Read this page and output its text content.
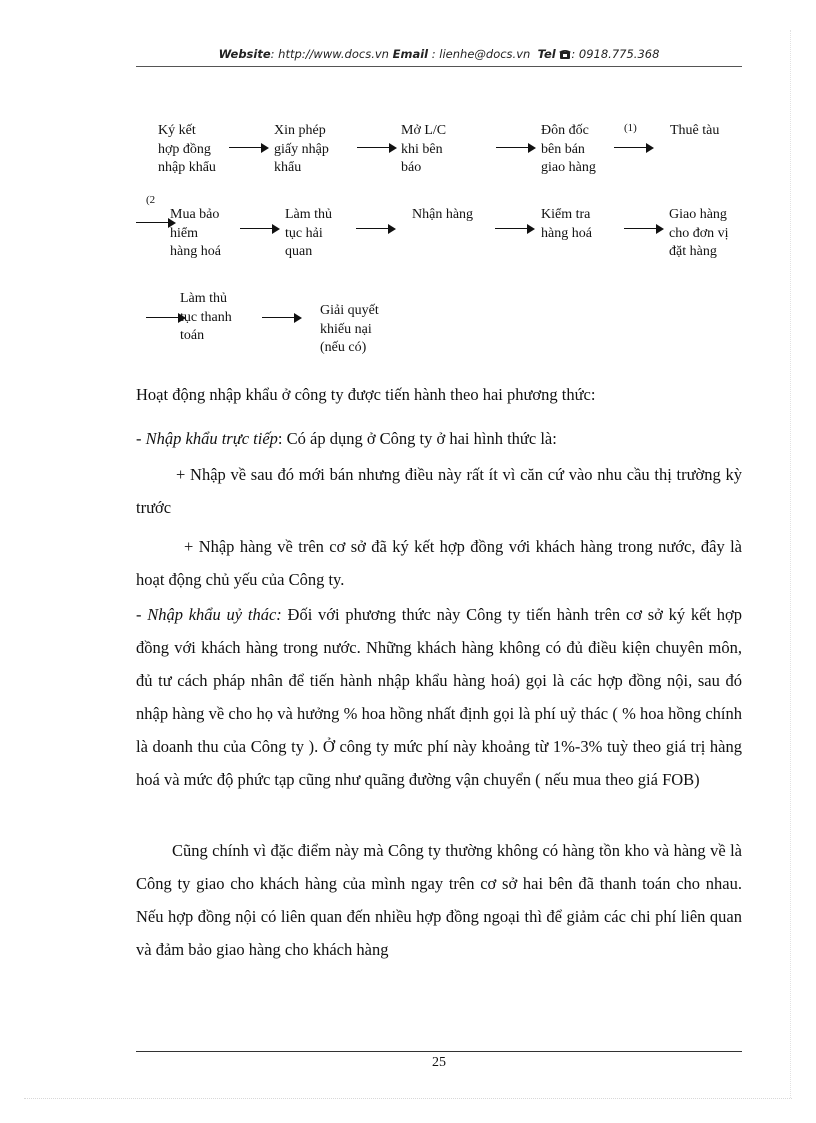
Website: http://www.docs.vn Email : lienhe@docs.vn Tel : 0918.775.368
Ký kết
hợp đồng
nhập khẩu
Xin phép
giấy nhập
khẩu
Mở L/C
khi bên
báo
Đôn đốc
bên bán
giao hàng
(1) Thuê tàu
(2
Mua bảo
hiểm
hàng hoá
Làm thủ
tục hải
quan
Nhận hàng	Kiểm tra
hàng hoá
Giao hàng
cho đơn vị
đặt hàng
Làm thủ
tục thanh
toán
Giải quyết
khiếu nại
(nếu có)

Hoạt động nhập khẩu ở công ty được tiến hành theo hai phương thức:

- Nhập khẩu trực tiếp: Có áp dụng ở Công ty ở hai hình thức là:

+ Nhập về sau đó mới bán nhưng điều này rất ít vì căn cứ vào nhu cầu thị trường kỳ trước

+ Nhập hàng về trên cơ sở đã ký kết hợp đồng với khách hàng trong nước, đây là hoạt động chủ yếu của Công ty.

- Nhập khẩu uỷ thác: Đối với phương thức này Công ty tiến hành trên cơ sở ký kết hợp đồng với khách hàng trong nước. Những khách hàng không có đủ điều kiện chuyên môn, đủ tư cách pháp nhân để tiến hành nhập khẩu hàng hoá) gọi là các hợp đồng nội, sau đó nhập hàng về cho họ và hưởng % hoa hồng nhất định gọi là phí uỷ thác ( % hoa hồng chính là doanh thu của Công ty ). Ở công ty mức phí này khoảng từ 1%-3% tuỳ theo giá trị hàng hoá và mức độ phức tạp cũng như quãng đường vận chuyển ( nếu mua theo giá FOB)

Cũng chính vì đặc điểm này mà Công ty thường không có hàng tồn kho và hàng về là Công ty giao cho khách hàng của mình ngay trên cơ sở hai bên đã thanh toán cho nhau. Nếu hợp đồng nội có liên quan đến nhiều hợp đồng ngoại thì để giảm các chi phí liên quan và đảm bảo giao hàng cho khách hàng

25
